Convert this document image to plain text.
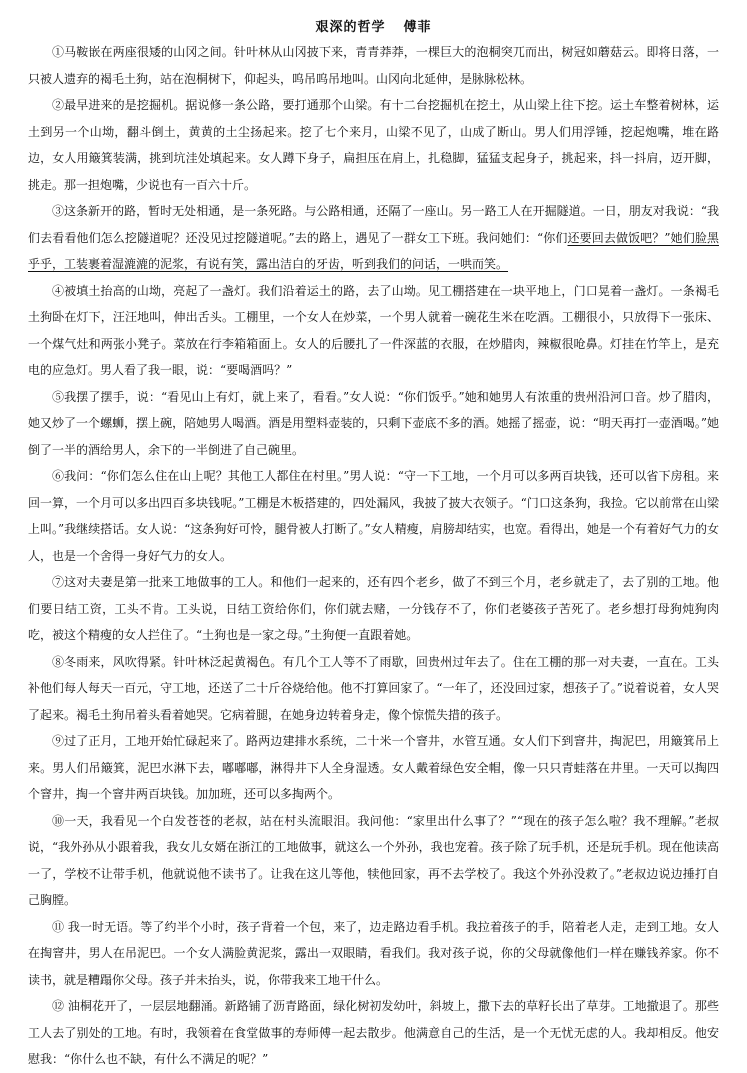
艰深的哲学 傅菲

①马鞍嵌在两座很矮的山冈之间。针叶林从山冈披下来，青青莽莽，一棵巨大的泡桐突兀而出，树冠如蘑菇云。即将日落，一只被人遗弃的褐毛土狗，站在泡桐树下，仰起头，呜吊呜吊地叫。山冈向北延伸，是脉脉松林。

②最早进来的是挖掘机。据说修一条公路，要打通那个山梁。有十二台挖掘机在挖土，从山梁上往下挖。运土车整着树林，运土到另一个山坳，翻斗倒土，黄黄的土尘扬起来。挖了七个来月，山梁不见了，山成了断山。男人们用浮锤，挖起炮嘴，堆在路边，女人用簸箕装满，挑到坑洼处填起来。女人蹲下身子，扁担压在肩上，扎稳脚，猛猛支起身子，挑起来，抖一抖肩，迈开脚，挑走。那一担炮嘴，少说也有一百六十斤。

③这条新开的路，暂时无处相通，是一条死路。与公路相通，还隔了一座山。另一路工人在开掘隧道。一日，朋友对我说：“我们去看看他们怎么挖隧道呢？还没见过挖隧道呢。”去的路上，遇见了一群女工下班。我问她们：“你们还要回去做饭吧？”她们脸黑乎乎，工装裹着湿漉漉的泥浆，有说有笑，露出洁白的牙齿，听到我们的问话，一哄而笑。

④被填土抬高的山坳，亮起了一盏灯。我们沿着运土的路，去了山坳。见工棚搭建在一块平地上，门口晃着一盏灯。一条褐毛土狗卧在灯下，汪汪地叫，伸出舌头。工棚里，一个女人在炒菜，一个男人就着一碗花生米在吃酒。工棚很小，只放得下一张床、一个煤气灶和两张小凳子。菜放在行李箱箱面上。女人的后腰扎了一件深蓝的衣服，在炒腊肉，辣椒很呛鼻。灯挂在竹竿上，是充电的应急灯。男人看了我一眼，说：“要喝酒吗？”

⑤我摆了摆手，说：“看见山上有灯，就上来了，看看。”女人说：“你们饭乎。”她和她男人有浓重的贵州沿河口音。炒了腊肉，她又炒了一个螺蛳，摆上碗，陪她男人喝酒。酒是用塑料壶装的，只剩下壶底不多的酒。她摇了摇壶，说：“明天再打一壶酒喝。”她倒了一半的酒给男人，余下的一半倒进了自己碗里。

⑥我问：“你们怎么住在山上呢？其他工人都住在村里。”男人说：“守一下工地，一个月可以多两百块钱，还可以省下房租。来回一算，一个月可以多出四百多块钱呢。”工棚是木板搭建的，四处漏风，我披了披大衣领子。“门口这条狗，我捡。它以前常在山梁上叫。”我继续搭话。女人说：“这条狗好可怜，腿骨被人打断了。”女人精瘦，肩膀却结实，也宽。看得出，她是一个有着好气力的女人，也是一个舍得一身好气力的女人。

⑦这对夫妻是第一批来工地做事的工人。和他们一起来的，还有四个老乡，做了不到三个月，老乡就走了，去了别的工地。他们要日结工资，工头不肯。工头说，日结工资给你们，你们就去赌，一分钱存不了，你们老婆孩子苦死了。老乡想打母狗炖狗肉吃，被这个精瘦的女人拦住了。“土狗也是一家之母。”土狗便一直跟着她。

⑧冬雨来，风吹得紧。针叶林泛起黄褐色。有几个工人等不了雨歇，回贵州过年去了。住在工棚的那一对夫妻，一直在。工头补他们每人每天一百元，守工地，还送了二十斤谷烧给他。他不打算回家了。“一年了，还没回过家，想孩子了。”说着说着，女人哭了起来。褐毛土狗吊着头看着她哭。它病着腿，在她身边转着身走，像个惊慌失措的孩子。

⑨过了正月，工地开始忙碌起来了。路两边建排水系统，二十米一个窨井，水管互通。女人们下到窨井，掏泥巴，用簸箕吊上来。男人们吊簸箕，泥巴水淋下去，嘟嘟嘟，淋得井下人全身湿透。女人戴着绿色安全帽，像一只只青蛙落在井里。一天可以掏四个窨井，掏一个窨井两百块钱。加加班，还可以多掏两个。

⑩一天，我看见一个白发苍苍的老叔，站在村头流眼泪。我问他：“家里出什么事了？”“现在的孩子怎么啦？我不理解。”老叔说，“我外孙从小跟着我，我女儿女婿在浙江的工地做事，就这么一个外孙，我也宠着。孩子除了玩手机，还是玩手机。现在他读高一了，学校不让带手机，他就说他不读书了。让我在这儿等他，犊他回家，再不去学校了。我这个外孙没救了。”老叔边说边捶打自己胸膛。

⑪ 我一时无语。等了约半个小时，孩子背着一个包，来了，边走路边看手机。我拉着孩子的手，陪着老人走，走到工地。女人在掏窨井，男人在吊泥巴。一个女人满脸黄泥浆，露出一双眼睛，看我们。我对孩子说，你的父母就像他们一样在赚钱养家。你不读书，就是糟蹋你父母。孩子并未抬头，说，你带我来工地干什么。

⑫ 油桐花开了，一层层地翻涌。新路铺了沥青路面，绿化树初发幼叶，斜坡上，撒下去的草籽长出了草芽。工地撤退了。那些工人去了别处的工地。有时，我领着在食堂做事的寿师傅一起去散步。他满意自己的生活，是一个无忧无虑的人。我却相反。他安慰我：“你什么也不缺，有什么不满足的呢？”
